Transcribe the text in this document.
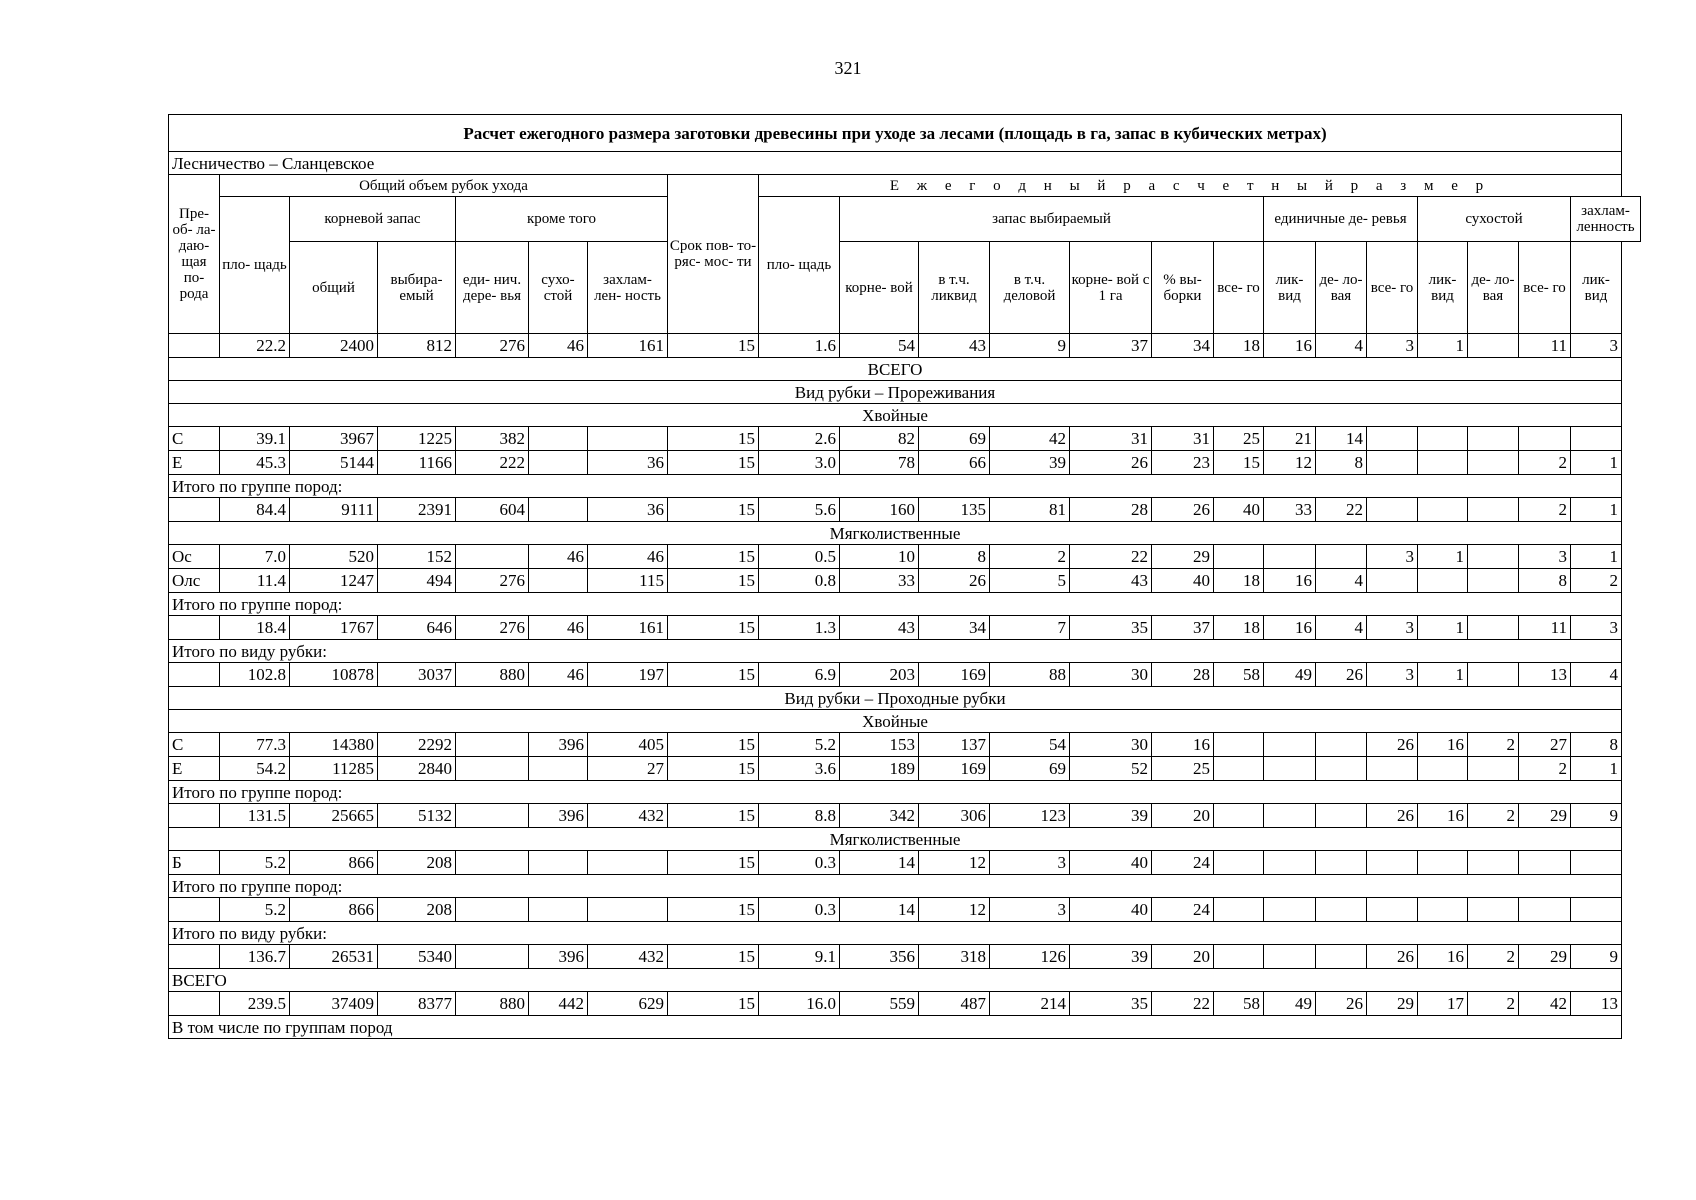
321
Расчет ежегодного размера заготовки древесины при уходе за лесами (площадь в га, запас в кубических метрах)																					
Лесничество – Сланцевское																					
Пре- об- ла- даю- щая по- рода	Общий объем рубок ухода						Срок пов- то- ряс- мос- ти	Е ж е г о д н ы й р а с ч е т н ы й р а з м е р													
	пло- щадь	корневой запас		кроме того				пло- щадь	запас выбираемый						единичные де- ревья			сухостой			захлам- ленность
		общий	выбира- емый	еди- нич. дере- вья	сухо- стой	захлам- лен- ность			корне- вой	в т.ч. ликвид	в т.ч. деловой	корне- вой с 1 га	% вы- борки	все- го	лик- вид	де- ло- вая	все- го	лик- вид	де- ло- вая	все- го	лик- вид
	22.2	2400	812	276	46	161	15	1.6	54	43	9	37	34	18	16	4	3	1		11	3
ВСЕГО																					
Вид рубки – Прореживания																					
Хвойные																					
С	39.1	3967	1225	382			15	2.6	82	69	42	31	31	25	21	14					
Е	45.3	5144	1166	222		36	15	3.0	78	66	39	26	23	15	12	8				2	1
Итого по группе пород:																					
	84.4	9111	2391	604		36	15	5.6	160	135	81	28	26	40	33	22				2	1
Мягколиственные																					
Ос	7.0	520	152		46	46	15	0.5	10	8	2	22	29				3	1		3	1
Олс	11.4	1247	494	276		115	15	0.8	33	26	5	43	40	18	16	4				8	2
Итого по группе пород:																					
	18.4	1767	646	276	46	161	15	1.3	43	34	7	35	37	18	16	4	3	1		11	3
Итого по виду рубки:																					
	102.8	10878	3037	880	46	197	15	6.9	203	169	88	30	28	58	49	26	3	1		13	4
Вид рубки – Проходные рубки																					
Хвойные																					
С	77.3	14380	2292		396	405	15	5.2	153	137	54	30	16				26	16	2	27	8
Е	54.2	11285	2840			27	15	3.6	189	169	69	52	25							2	1
Итого по группе пород:																					
	131.5	25665	5132		396	432	15	8.8	342	306	123	39	20				26	16	2	29	9
Мягколиственные																					
Б	5.2	866	208				15	0.3	14	12	3	40	24								
Итого по группе пород:																					
	5.2	866	208				15	0.3	14	12	3	40	24								
Итого по виду рубки:																					
	136.7	26531	5340		396	432	15	9.1	356	318	126	39	20				26	16	2	29	9
ВСЕГО																					
	239.5	37409	8377	880	442	629	15	16.0	559	487	214	35	22	58	49	26	29	17	2	42	13
В том числе по группам пород																					
